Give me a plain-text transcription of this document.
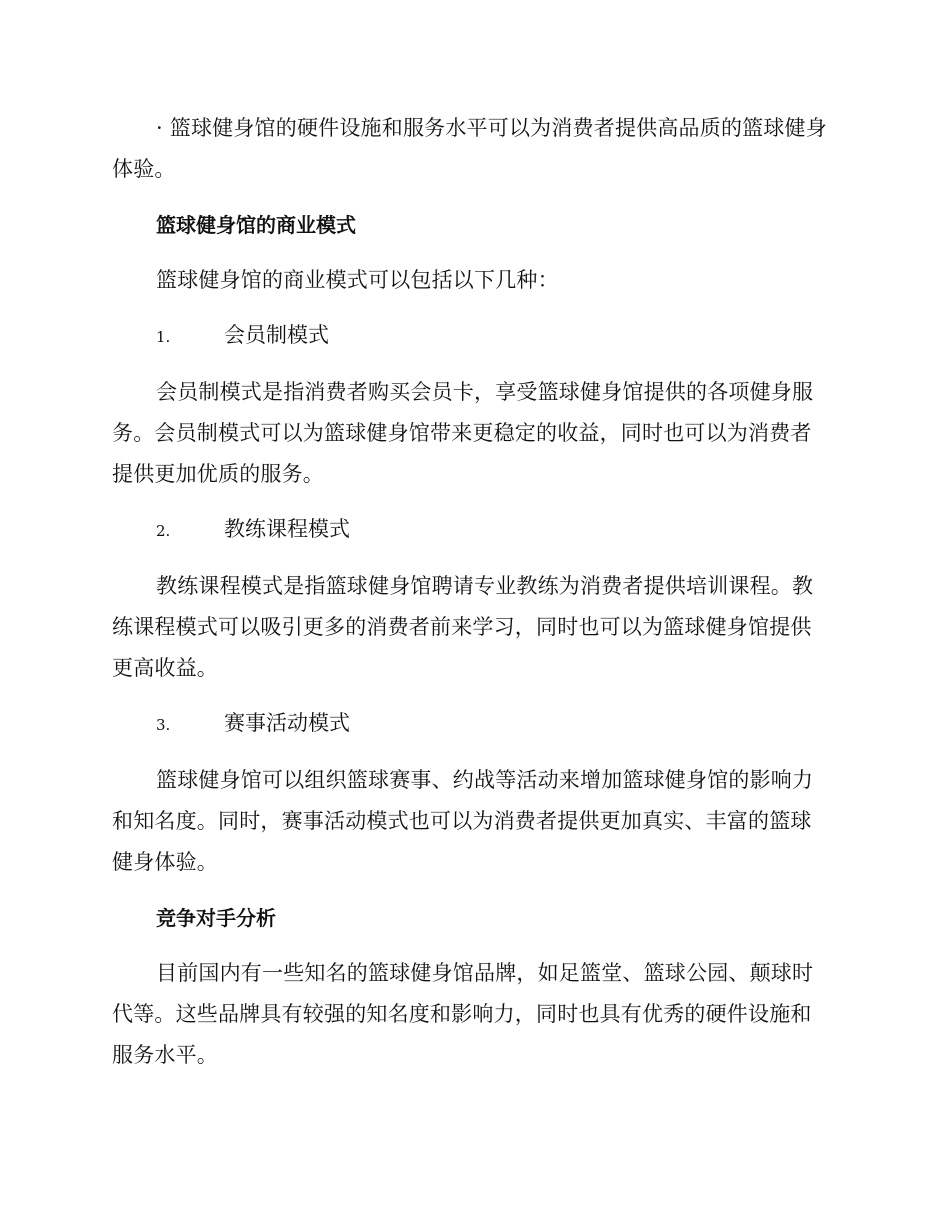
· 篮球健身馆的硬件设施和服务水平可以为消费者提供高品质的篮球健身体验。

篮球健身馆的商业模式

篮球健身馆的商业模式可以包括以下几种：

1.	会员制模式

会员制模式是指消费者购买会员卡，享受篮球健身馆提供的各项健身服务。会员制模式可以为篮球健身馆带来更稳定的收益，同时也可以为消费者提供更加优质的服务。

2.	教练课程模式

教练课程模式是指篮球健身馆聘请专业教练为消费者提供培训课程。教练课程模式可以吸引更多的消费者前来学习，同时也可以为篮球健身馆提供更高收益。

3.	赛事活动模式

篮球健身馆可以组织篮球赛事、约战等活动来增加篮球健身馆的影响力和知名度。同时，赛事活动模式也可以为消费者提供更加真实、丰富的篮球健身体验。

竞争对手分析

目前国内有一些知名的篮球健身馆品牌，如足篮堂、篮球公园、颠球时代等。这些品牌具有较强的知名度和影响力，同时也具有优秀的硬件设施和服务水平。
